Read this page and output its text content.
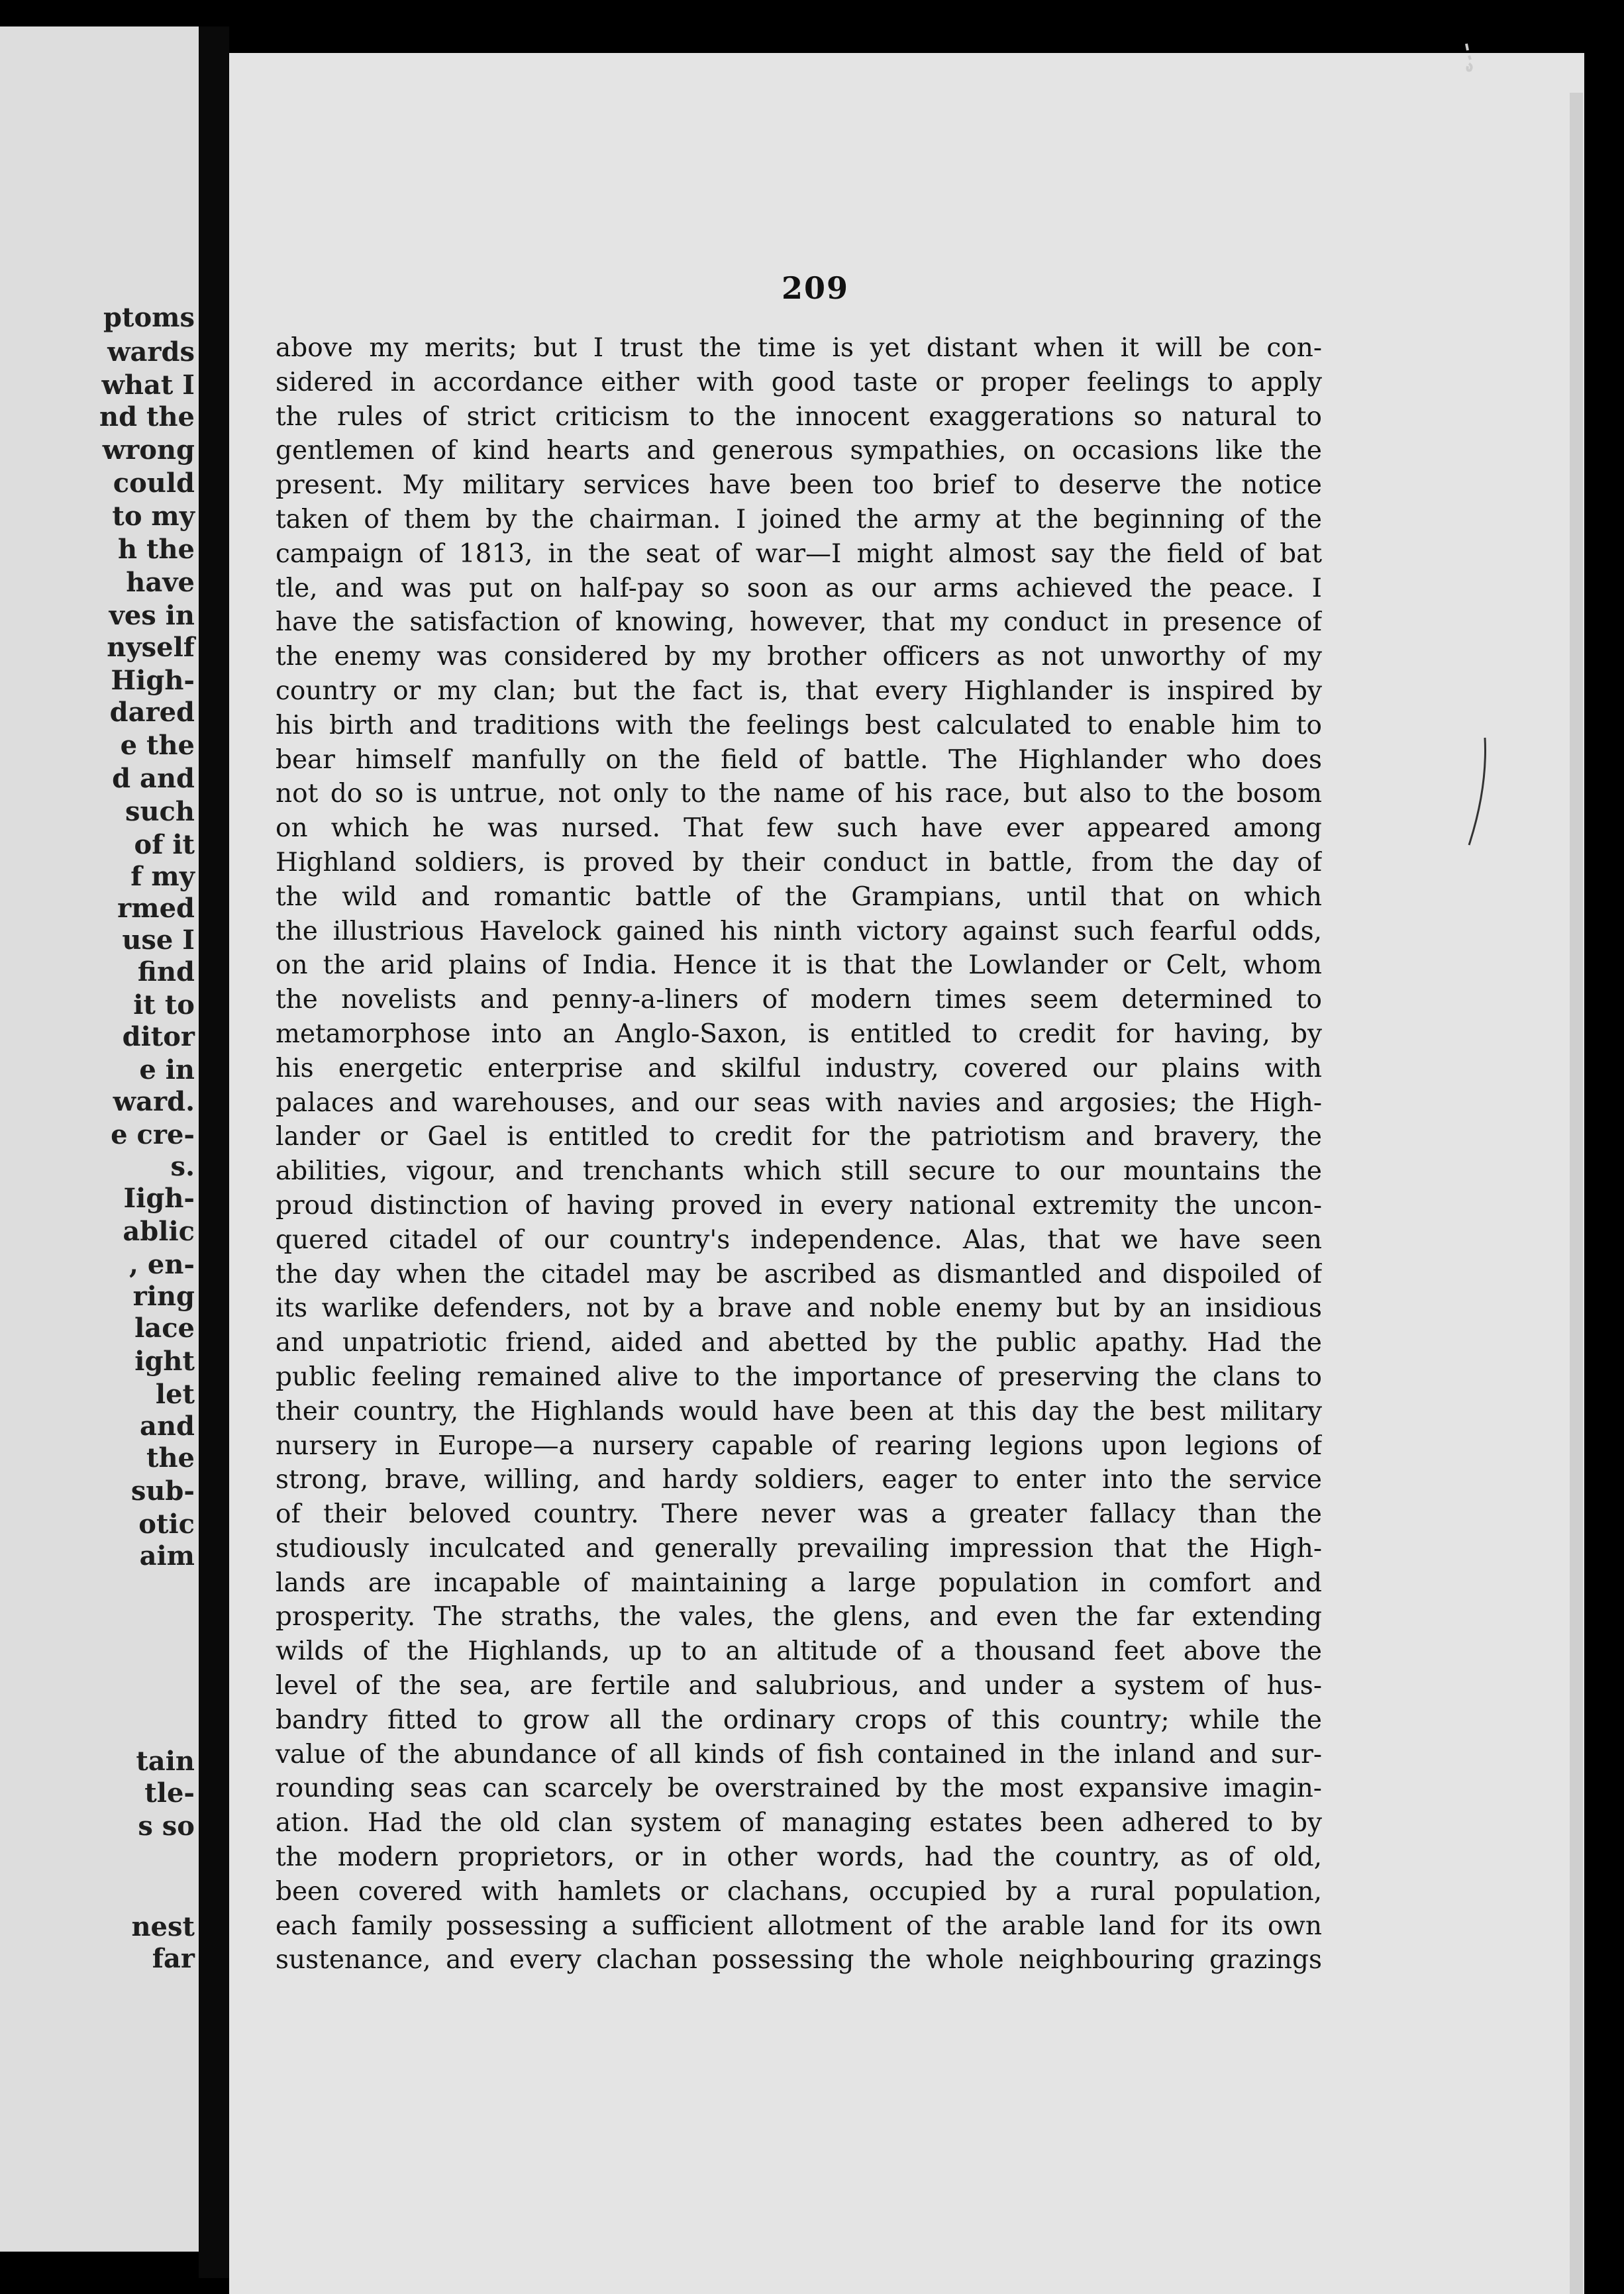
ptoms
wards
what I
nd the
wrong
could
to my
h the
have
ves in
nyself
High-
dared
e the
d and
such
of it
f my
rmed
use I
find
it to
ditor
e in
ward.
e cre-
s.
Iigh-
ablic
, en-
ring
lace
ight
let
and
the
sub-
otic
aim
tain
tle-
s so
nest
far
209
above my merits; but I trust the time is yet distant when it will be con-
sidered in accordance either with good taste or proper feelings to apply
the rules of strict criticism to the innocent exaggerations so natural to
gentlemen of kind hearts and generous sympathies, on occasions like the
present. My military services have been too brief to deserve the notice
taken of them by the chairman. I joined the army at the beginning of the
campaign of 1813, in the seat of war—I might almost say the field of bat
tle, and was put on half-pay so soon as our arms achieved the peace. I
have the satisfaction of knowing, however, that my conduct in presence of
the enemy was considered by my brother officers as not unworthy of my
country or my clan; but the fact is, that every Highlander is inspired by
his birth and traditions with the feelings best calculated to enable him to
bear himself manfully on the field of battle. The Highlander who does
not do so is untrue, not only to the name of his race, but also to the bosom
on which he was nursed. That few such have ever appeared among
Highland soldiers, is proved by their conduct in battle, from the day of
the wild and romantic battle of the Grampians, until that on which
the illustrious Havelock gained his ninth victory against such fearful odds,
on the arid plains of India. Hence it is that the Lowlander or Celt, whom
the novelists and penny-a-liners of modern times seem determined to
metamorphose into an Anglo-Saxon, is entitled to credit for having, by
his energetic enterprise and skilful industry, covered our plains with
palaces and warehouses, and our seas with navies and argosies; the High-
lander or Gael is entitled to credit for the patriotism and bravery, the
abilities, vigour, and trenchants which still secure to our mountains the
proud distinction of having proved in every national extremity the uncon-
quered citadel of our country's independence. Alas, that we have seen
the day when the citadel may be ascribed as dismantled and dispoiled of
its warlike defenders, not by a brave and noble enemy but by an insidious
and unpatriotic friend, aided and abetted by the public apathy. Had the
public feeling remained alive to the importance of preserving the clans to
their country, the Highlands would have been at this day the best military
nursery in Europe—a nursery capable of rearing legions upon legions of
strong, brave, willing, and hardy soldiers, eager to enter into the service
of their beloved country. There never was a greater fallacy than the
studiously inculcated and generally prevailing impression that the High-
lands are incapable of maintaining a large population in comfort and
prosperity. The straths, the vales, the glens, and even the far extending
wilds of the Highlands, up to an altitude of a thousand feet above the
level of the sea, are fertile and salubrious, and under a system of hus-
bandry fitted to grow all the ordinary crops of this country; while the
value of the abundance of all kinds of fish contained in the inland and sur-
rounding seas can scarcely be overstrained by the most expansive imagin-
ation. Had the old clan system of managing estates been adhered to by
the modern proprietors, or in other words, had the country, as of old,
been covered with hamlets or clachans, occupied by a rural population,
each family possessing a sufficient allotment of the arable land for its own
sustenance, and every clachan possessing the whole neighbouring grazings
